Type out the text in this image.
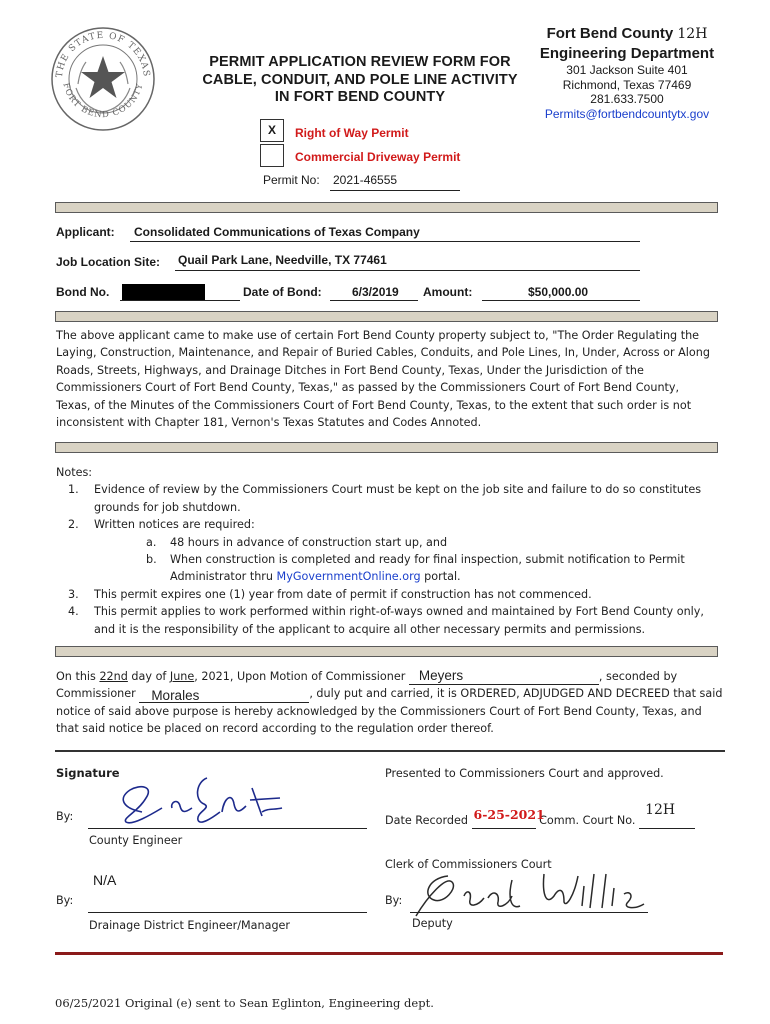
THE STATE OF TEXAS
FORT BEND COUNTY
PERMIT APPLICATION REVIEW FORM FOR
CABLE, CONDUIT, AND POLE LINE ACTIVITY
IN FORT BEND COUNTY
Fort Bend County 12H
Engineering Department
301 Jackson Suite 401
Richmond, Texas 77469
281.633.7500
Permits@fortbendcountytx.gov
X	Right of Way Permit
Commercial Driveway Permit
Permit No: 2021-46555
Applicant: Consolidated Communications of Texas Company
Job Location Site: Quail Park Lane, Needville, TX 77461
Bond No.	Date of Bond:	6/3/2019 Amount:	$50,000.00
The above applicant came to make use of certain Fort Bend County property subject to, "The Order Regulating the
Laying, Construction, Maintenance, and Repair of Buried Cables, Conduits, and Pole Lines, In, Under, Across or Along
Roads, Streets, Highways, and Drainage Ditches in Fort Bend County, Texas, Under the Jurisdiction of the
Commissioners Court of Fort Bend County, Texas," as passed by the Commissioners Court of Fort Bend County,
Texas, of the Minutes of the Commissioners Court of Fort Bend County, Texas, to the extent that such order is not
inconsistent with Chapter 181, Vernon's Texas Statutes and Codes Annoted.
Notes:
1. Evidence of review by the Commissioners Court must be kept on the job site and failure to do so constitutes
grounds for job shutdown.
2. Written notices are required:
a. 48 hours in advance of construction start up, and
b. When construction is completed and ready for final inspection, submit notification to Permit
Administrator thru MyGovernmentOnline.org portal.
3. This permit expires one (1) year from date of permit if construction has not commenced.
4. This permit applies to work performed within right-of-ways owned and maintained by Fort Bend County only,
and it is the responsibility of the applicant to acquire all other necessary permits and permissions.
On this 22nd day of June, 2021, Upon Motion of Commissioner Meyers	, seconded by
Commissioner Morales	, duly put and carried, it is ORDERED, ADJUDGED AND DECREED that said
notice of said above purpose is hereby acknowledged by the Commissioners Court of Fort Bend County, Texas, and
that said notice be placed on record according to the regulation order thereof.
Signature
By:
County Engineer
N/A
By:
Drainage District Engineer/Manager
Presented to Commissioners Court and approved.
Date Recorded 6-25-2021
Comm. Court No.
12H
Clerk of Commissioners Court
By:
Deputy
06/25/2021 Original (e) sent to Sean Eglinton, Engineering dept.
